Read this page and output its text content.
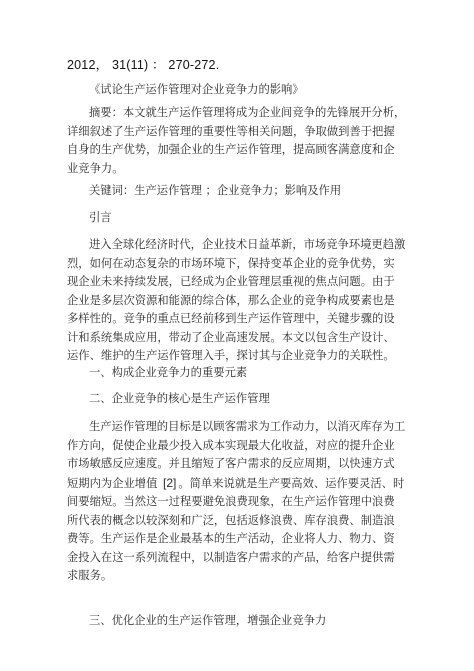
2012， 31(11) ： 270-272.
《试论生产运作管理对企业竞争力的影响》
摘要：本文就生产运作管理将成为企业间竞争的先锋展开分析，
详细叙述了生产运作管理的重要性等相关问题，争取做到善于把握
自身的生产优势，加强企业的生产运作管理，提高顾客满意度和企
业竞争力。
关键词：生产运作管理 ；企业竞争力；影响及作用
引言
进入全球化经济时代，企业技术日益革新，市场竞争环境更趋激
烈，如何在动态复杂的市场环境下，保持变革企业的竞争优势，实
现企业未来持续发展，已经成为企业管理层重视的焦点问题。由于
企业是多层次资源和能源的综合体，那么企业的竞争构成要素也是
多样性的。竞争的重点已经前移到生产运作管理中，关键步骤的设
计和系统集成应用，带动了企业高速发展。本文以包含生产设计、
运作、维护的生产运作管理入手，探讨其与企业竞争力的关联性。
一、构成企业竞争力的重要元素
二、企业竞争的核心是生产运作管理
生产运作管理的目标是以顾客需求为工作动力，以消灭库存为工
作方向，促使企业最少投入成本实现最大化收益，对应的提升企业
市场敏感反应速度。并且缩短了客户需求的反应周期，以快速方式
短期内为企业增值 [2] 。简单来说就是生产要高效、运作要灵活、时
间要缩短。当然这一过程要避免浪费现象，在生产运作管理中浪费
所代表的概念以较深刻和广泛，包括返修浪费、库存浪费、制造浪
费等。生产运作是企业最基本的生产活动，企业将人力、物力、资
金投入在这一系列流程中，以制造客户需求的产品，给客户提供需
求服务。
三、优化企业的生产运作管理，增强企业竞争力
